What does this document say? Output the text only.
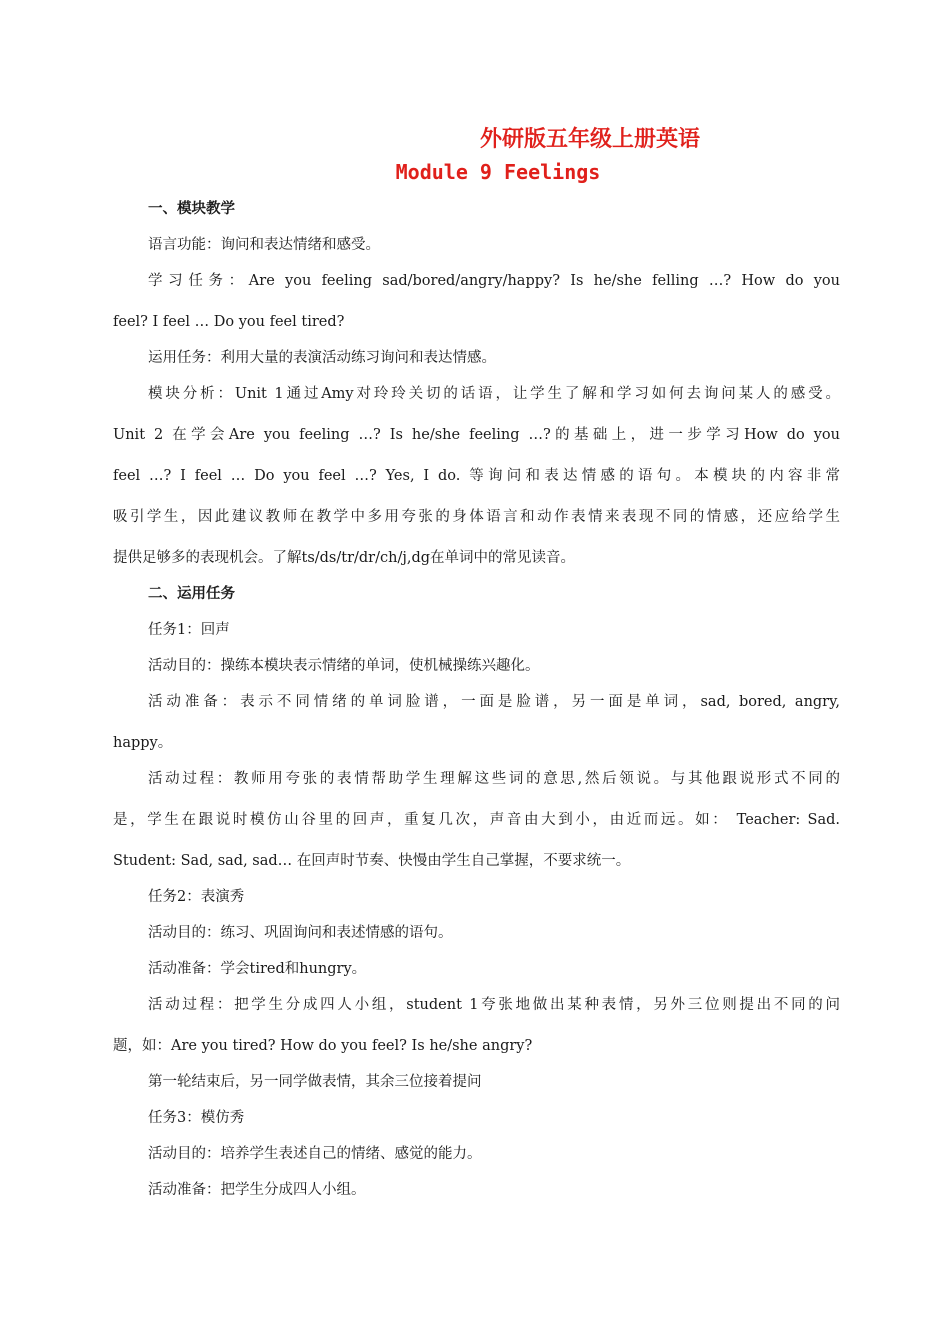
外研版五年级上册英语
Module 9 Feelings
一、模块教学
语言功能：询问和表达情绪和感受。
学习任务：Are you feeling sad/bored/angry/happy? Is he/she felling …? How do you
feel? I feel … Do you feel tired?
运用任务：利用大量的表演活动练习询问和表达情感。
模块分析：Unit 1通过Amy对玲玲关切的话语，让学生了解和学习如何去询问某人的感受。
Unit 2 在学会Are you feeling …? Is he/she feeling …?的基础上，进一步学习How do you
feel …? I feel … Do you feel …? Yes, I do. 等询问和表达情感的语句。本模块的内容非常
吸引学生，因此建议教师在教学中多用夸张的身体语言和动作表情来表现不同的情感，还应给学生
提供足够多的表现机会。了解ts/ds/tr/dr/ch/j,dg在单词中的常见读音。
二、运用任务
任务1：回声
活动目的：操练本模块表示情绪的单词，使机械操练兴趣化。
活动准备：表示不同情绪的单词脸谱，一面是脸谱，另一面是单词，sad, bored, angry,
happy。
活动过程：教师用夸张的表情帮助学生理解这些词的意思,然后领说。与其他跟说形式不同的
是，学生在跟说时模仿山谷里的回声，重复几次，声音由大到小，由近而远。如： Teacher: Sad.
Student: Sad, sad, sad… 在回声时节奏、快慢由学生自己掌握，不要求统一。
任务2：表演秀
活动目的：练习、巩固询问和表述情感的语句。
活动准备：学会tired和hungry。
活动过程：把学生分成四人小组，student 1夸张地做出某种表情，另外三位则提出不同的问
题，如：Are you tired? How do you feel? Is he/she angry?
第一轮结束后，另一同学做表情，其余三位接着提问
任务3：模仿秀
活动目的：培养学生表述自己的情绪、感觉的能力。
活动准备：把学生分成四人小组。
